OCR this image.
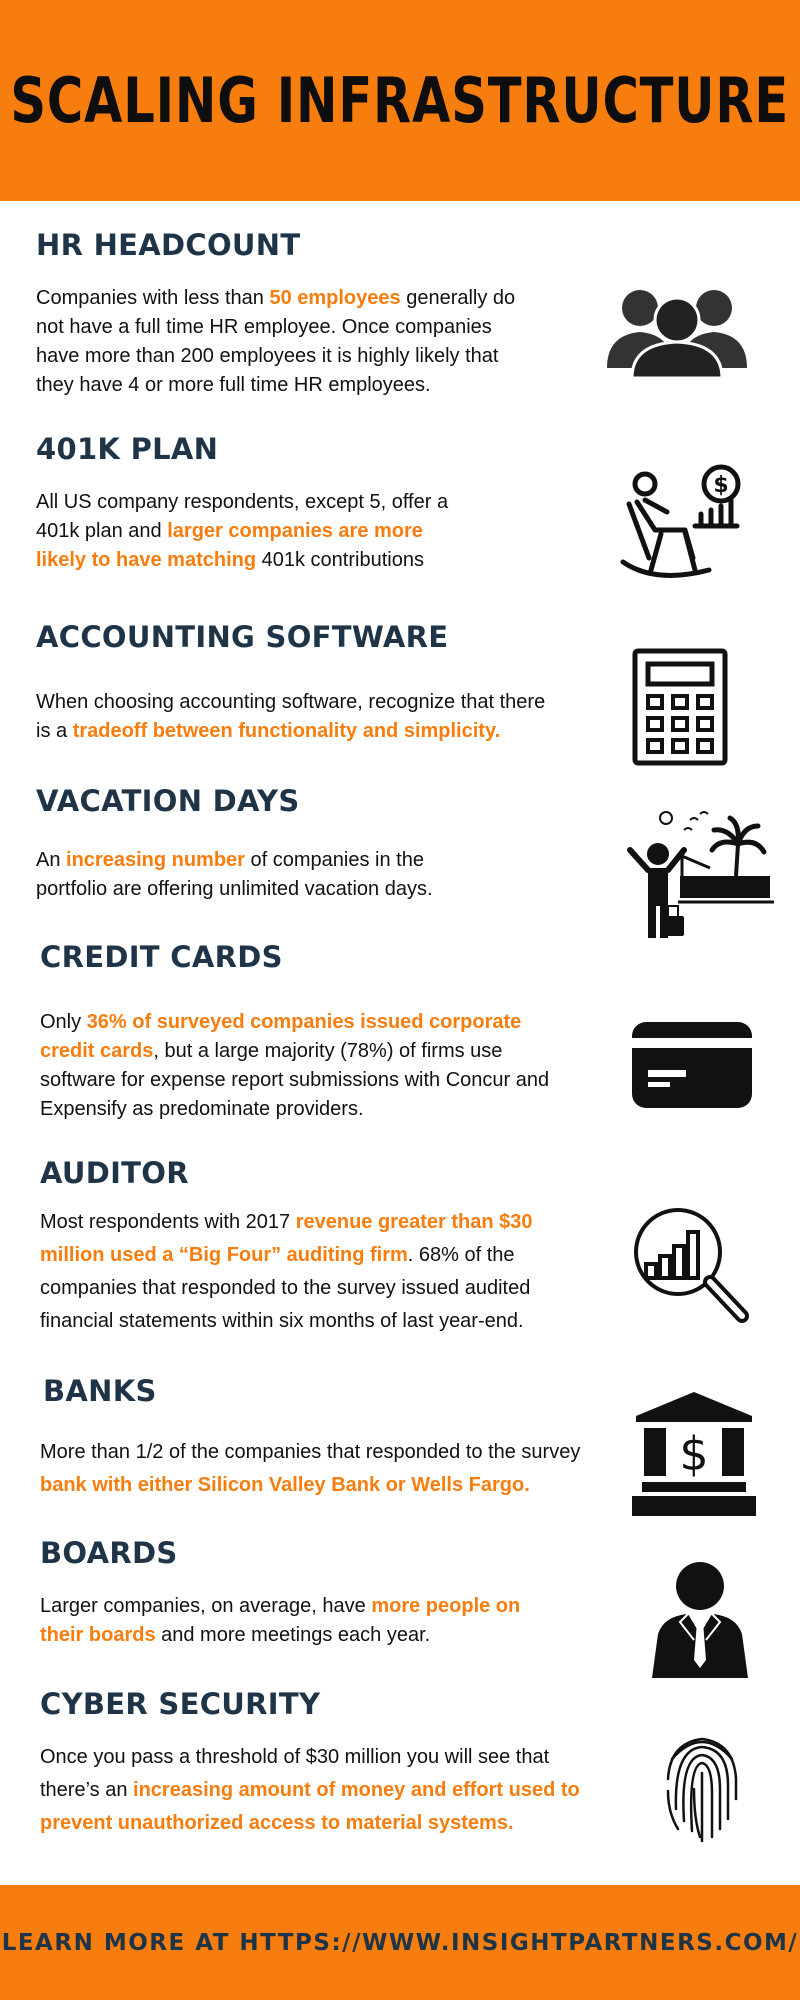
SCALING INFRASTRUCTURE
HR HEADCOUNT

Companies with less than 50 employees generally do not have a full time HR employee. Once companies have more than 200 employees it is highly likely that they have 4 or more full time HR employees.

401K PLAN

All US company respondents, except 5, offer a 401k plan and larger companies are more likely to have matching 401k contributions

$
ACCOUNTING SOFTWARE

When choosing accounting software, recognize that there is a tradeoff between functionality and simplicity.

VACATION DAYS

An increasing number of companies in the portfolio are offering unlimited vacation days.

CREDIT CARDS

Only 36% of surveyed companies issued corporate credit cards, but a large majority (78%) of firms use software for expense report submissions with Concur and Expensify as predominate providers.

AUDITOR

Most respondents with 2017 revenue greater than $30 million used a “Big Four” auditing firm. 68% of the companies that responded to the survey issued audited financial statements within six months of last year-end.

BANKS

More than 1/2 of the companies that responded to the survey bank with either Silicon Valley Bank or Wells Fargo.

$
BOARDS

Larger companies, on average, have more people on their boards and more meetings each year.

CYBER SECURITY

Once you pass a threshold of $30 million you will see that there’s an increasing amount of money and effort used to prevent unauthorized access to material systems.

LEARN MORE AT HTTPS://WWW.INSIGHTPARTNERS.COM/
